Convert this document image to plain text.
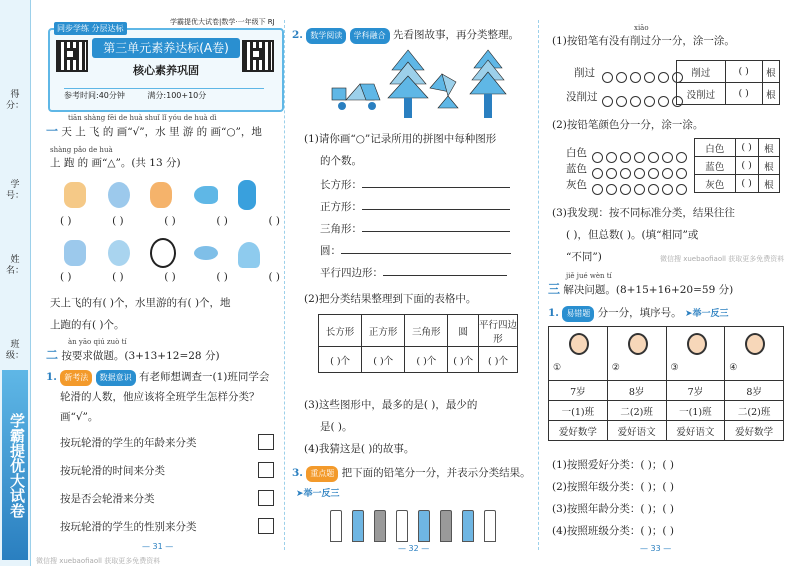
得分：
学号：
姓名：
班级：
学霸提优大试卷
同步学练 分层达标
学霸提优大试卷|数学·一年级下 RJ
第三单元素养达标(A卷)
核心素养巩固
参考时间:40分钟	满分:100+10分
tiān shàng fēi de huà shuǐ lǐ yóu de huà dì
一 天 上 飞 的 画“√”，水 里 游 的 画“○”，地
shàng pǎo de huà
上 跑 的 画“△”。(共 13 分)
( )	( )	( )	( )	( )
( )	( )	( )	( )	( )
天上飞的有( )个，水里游的有( )个，地
上跑的有( )个。
àn yāo qiú zuò tí
二 按要求做题。(3+13+12=28 分)
1. 新考法 数据意识 有老师想调查一(1)班同学会
轮滑的人数，他应该将全班学生怎样分类？
画“√”。
按玩轮滑的学生的年龄来分类
按玩轮滑的时间来分类
按是否会轮滑来分类
按玩轮滑的学生的性别来分类
— 31 —
微信搜 xuebaofiaoll 获取更多免费资料
2. 数学阅读 学科融合 先看图故事，再分类整理。
(1)请你画“○”记录所用的拼图中每种图形
的个数。
长方形：
正方形：
三角形：
圆：
平行四边形：
(2)把分类结果整理到下面的表格中。
长方形	正方形	三角形	圆	平行四边形
( )个	( )个	( )个	( )个	( )个
(3)这些图形中，最多的是( )，最少的
是( )。
(4)我猜这是( )的故事。
3. 重点题 把下面的铅笔分一分，并表示分类结果。
➤举一反三
— 32 —
xiāo
(1)按铅笔有没有削过分一分，涂一涂。
削过
没削过
削过	( )	根
没削过	( )	根
(2)按铅笔颜色分一分，涂一涂。
白色
蓝色
灰色
白色	( )	根
蓝色	( )	根
灰色	( )	根
(3)我发现：按不同标准分类，结果往往
( )，但总数( )。(填“相同”或
“不同”)	微信搜 xuebaofiaoll 获取更多免费资料
jiě jué wèn tí
三 解决问题。(8+15+16+20=59 分)
1. 易错题 分一分，填序号。 ➤举一反三
①	②	③	④

7岁	8岁	7岁	8岁
一(1)班	二(2)班	一(1)班	二(2)班
爱好数学	爱好语文	爱好语文	爱好数学
(1)按照爱好分类：( )；( )
(2)按照年级分类：( )；( )
(3)按照年龄分类：( )；( )
(4)按照班级分类：( )；( )
— 33 —
